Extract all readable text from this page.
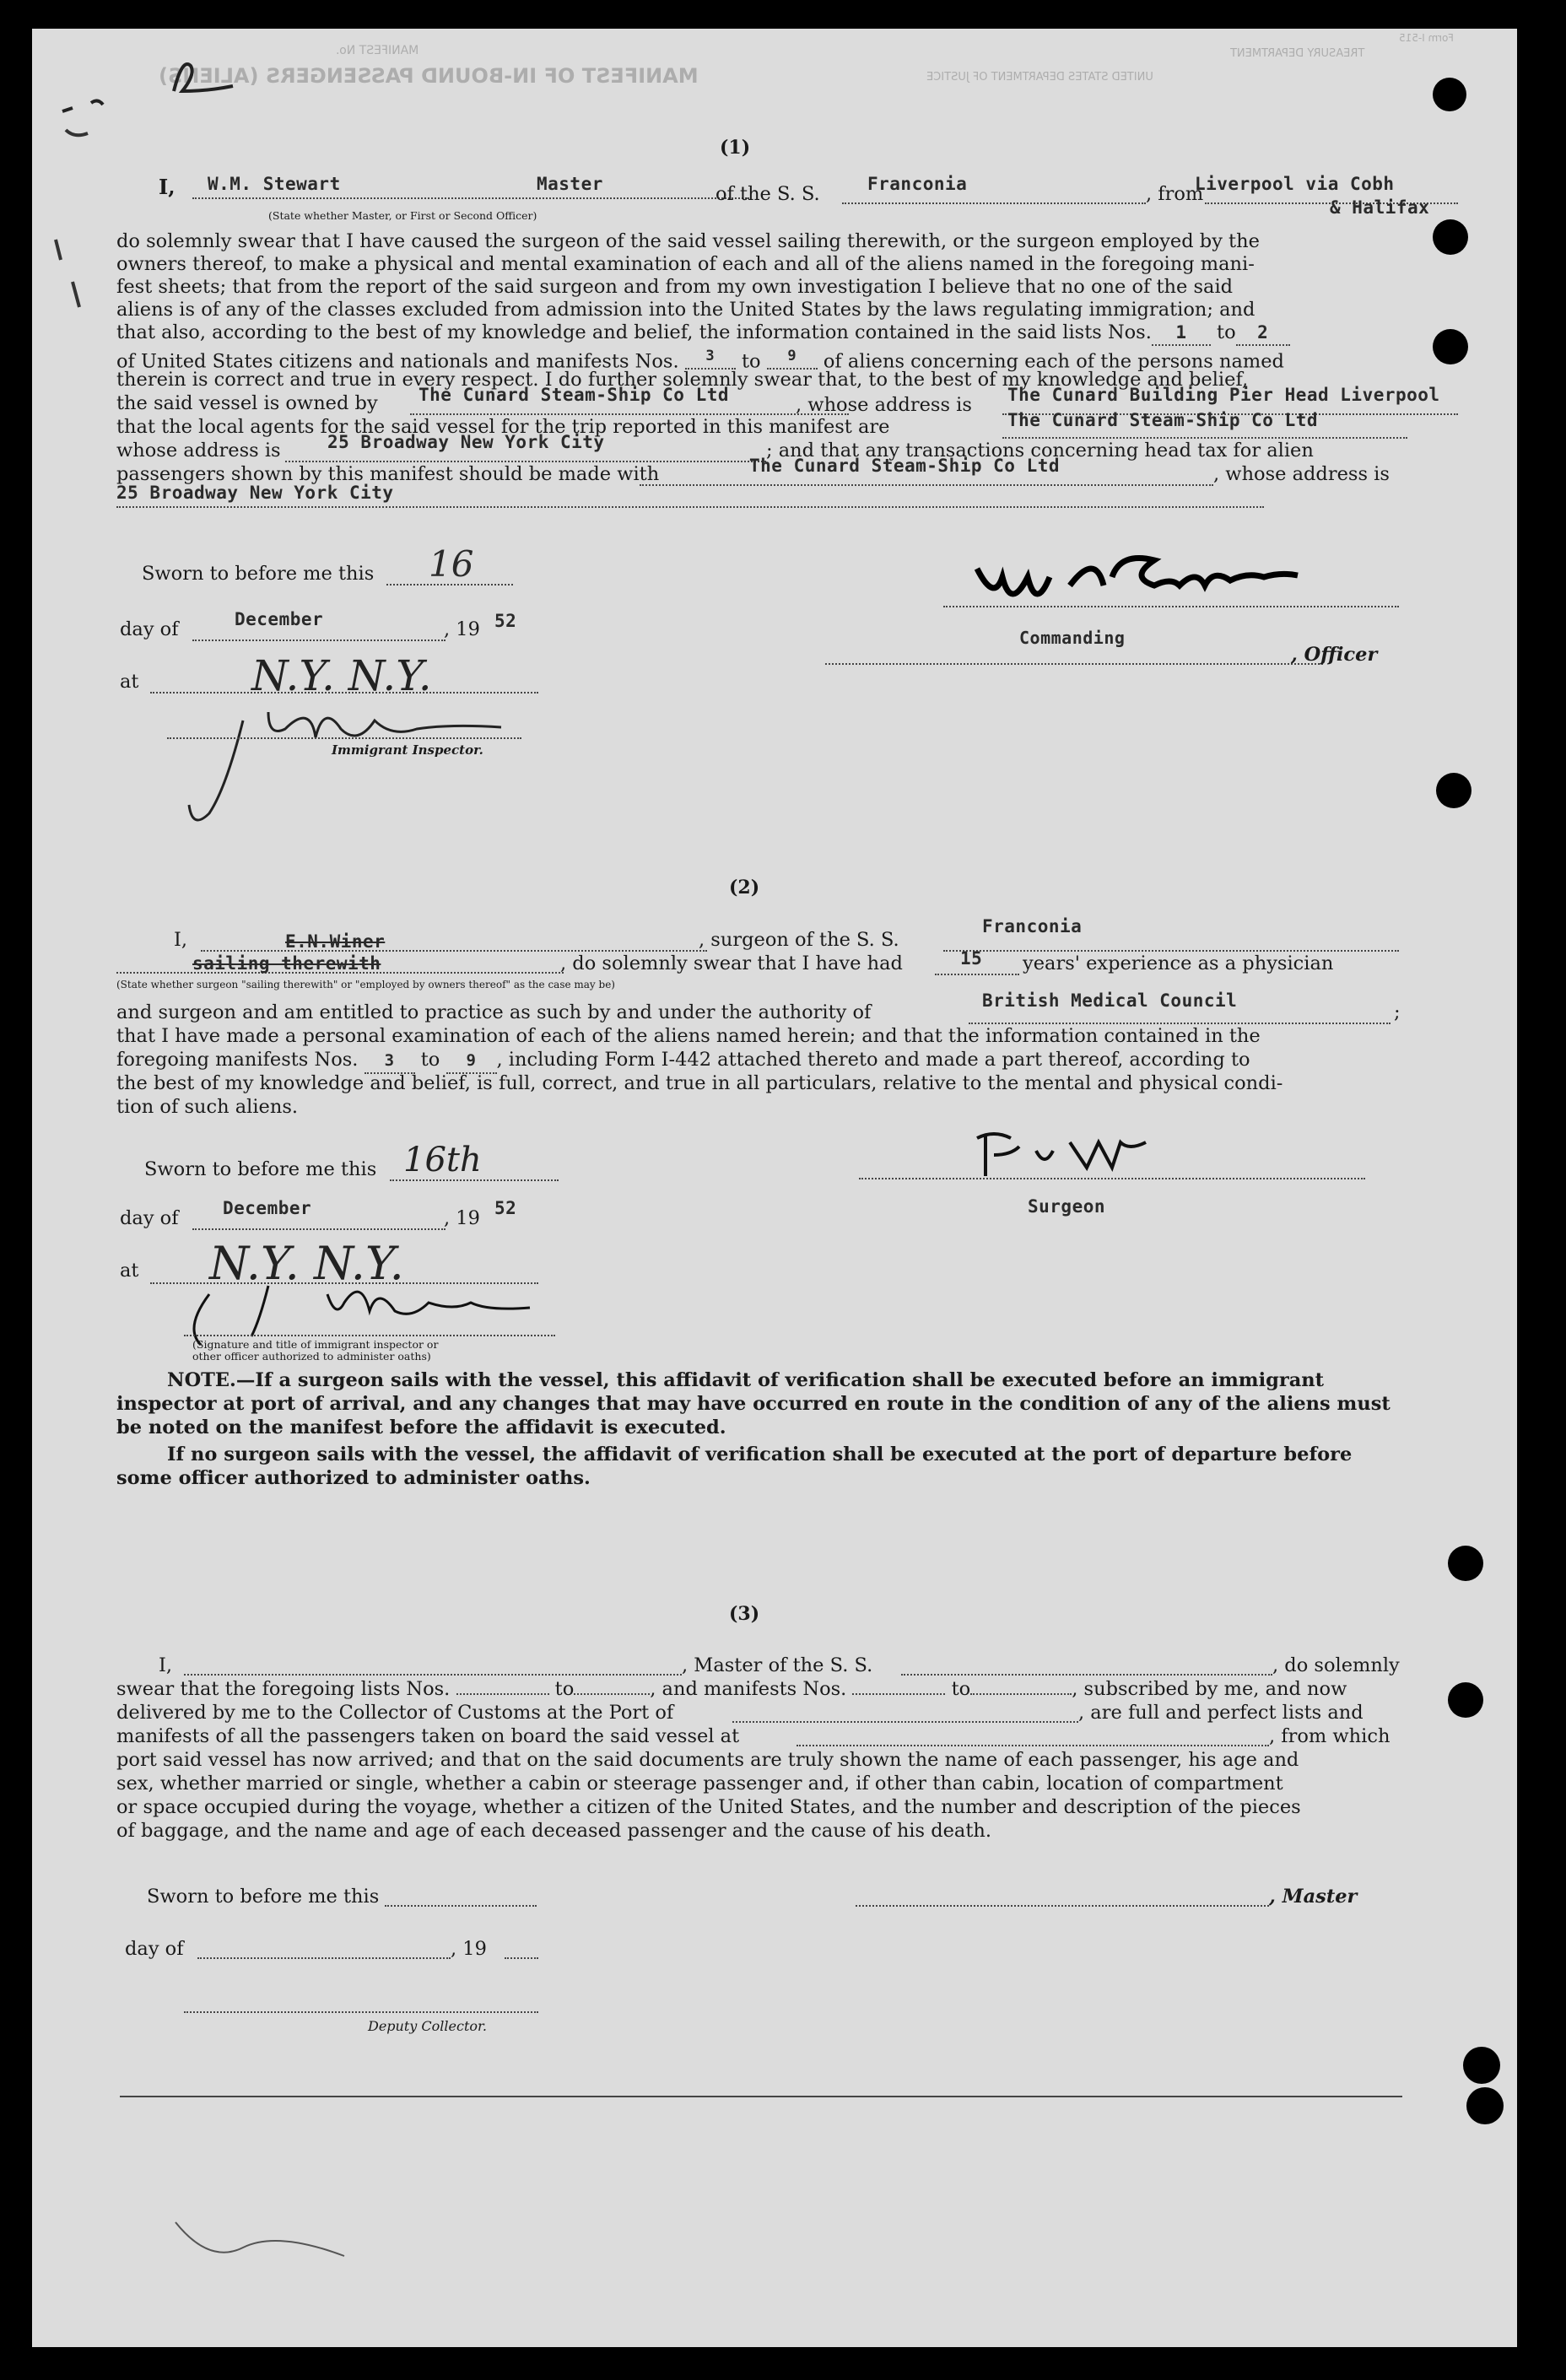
MANIFEST OF IN-BOUND PASSENGERS (ALIENS)
MANIFEST No.	TREASURY DEPARTMENT
UNITED STATES DEPARTMENT OF JUSTICE
Form I-515
(1)
I, W.M. Stewart	Master	of the S. S.	Franconia	, from
Liverpool via Cobh
& Halifax
(State whether Master, or First or Second Officer)
do solemnly swear that I have caused the surgeon of the said vessel sailing therewith, or the surgeon employed by the
owners thereof, to make a physical and mental examination of each and all of the aliens named in the foregoing mani-
fest sheets; that from the report of the said surgeon and from my own investigation I believe that no one of the said
aliens is of any of the classes excluded from admission into the United States by the laws regulating immigration; and
that also, according to the best of my knowledge and belief, the information contained in the said lists Nos. 1 to 2
of United States citizens and nationals and manifests Nos. 3 to 9 of aliens concerning each of the persons named
therein is correct and true in every respect. I do further solemnly swear that, to the best of my knowledge and belief,
the said vessel is owned by The Cunard Steam-Ship Co Ltd	, whose address is The Cunard Building Pier Head Liverpool
that the local agents for the said vessel for the trip reported in this manifest are	The Cunard Steam-Ship Co Ltd
whose address is	25 Broadway New York City	; and that any transactions concerning head tax for alien
passengers shown by this manifest should be made with	The Cunard Steam-Ship Co Ltd	, whose address is
25 Broadway New York City
Sworn to before me this 16
day of	December	, 19 52
at	N.Y. N.Y.
Immigrant Inspector.
Commanding
, Officer
(2)
I,	E.N.Winer	, surgeon of the S. S.
Franconia
sailing therewith	, do solemnly swear that I have had	15 years' experience as a physician
(State whether surgeon "sailing therewith" or "employed by owners thereof" as the case may be)
and surgeon and am entitled to practice as such by and under the authority of
British Medical Council
;
that I have made a personal examination of each of the aliens named herein; and that the information contained in the
foregoing manifests Nos. 3 to 9 , including Form I-442 attached thereto and made a part thereof, according to
the best of my knowledge and belief, is full, correct, and true in all particulars, relative to the mental and physical condi-
tion of such aliens.
Sworn to before me this 16th
Surgeon
day of December	, 19 52
at N.Y. N.Y.
(Signature and title of immigrant inspector or
other officer authorized to administer oaths)
NOTE.—If a surgeon sails with the vessel, this affidavit of verification shall be executed before an immigrant
inspector at port of arrival, and any changes that may have occurred en route in the condition of any of the aliens must
be noted on the manifest before the affidavit is executed.
If no surgeon sails with the vessel, the affidavit of verification shall be executed at the port of departure before
some officer authorized to administer oaths.
(3)
I,	, Master of the S. S.	, do solemnly
swear that the foregoing lists Nos.	to	, and manifests Nos.	to	, subscribed by me, and now
delivered by me to the Collector of Customs at the Port of	, are full and perfect lists and
manifests of all the passengers taken on board the said vessel at	, from which
port said vessel has now arrived; and that on the said documents are truly shown the name of each passenger, his age and
sex, whether married or single, whether a cabin or steerage passenger and, if other than cabin, location of compartment
or space occupied during the voyage, whether a citizen of the United States, and the number and description of the pieces
of baggage, and the name and age of each deceased passenger and the cause of his death.
Sworn to before me this	, Master
day of	, 19
Deputy Collector.
